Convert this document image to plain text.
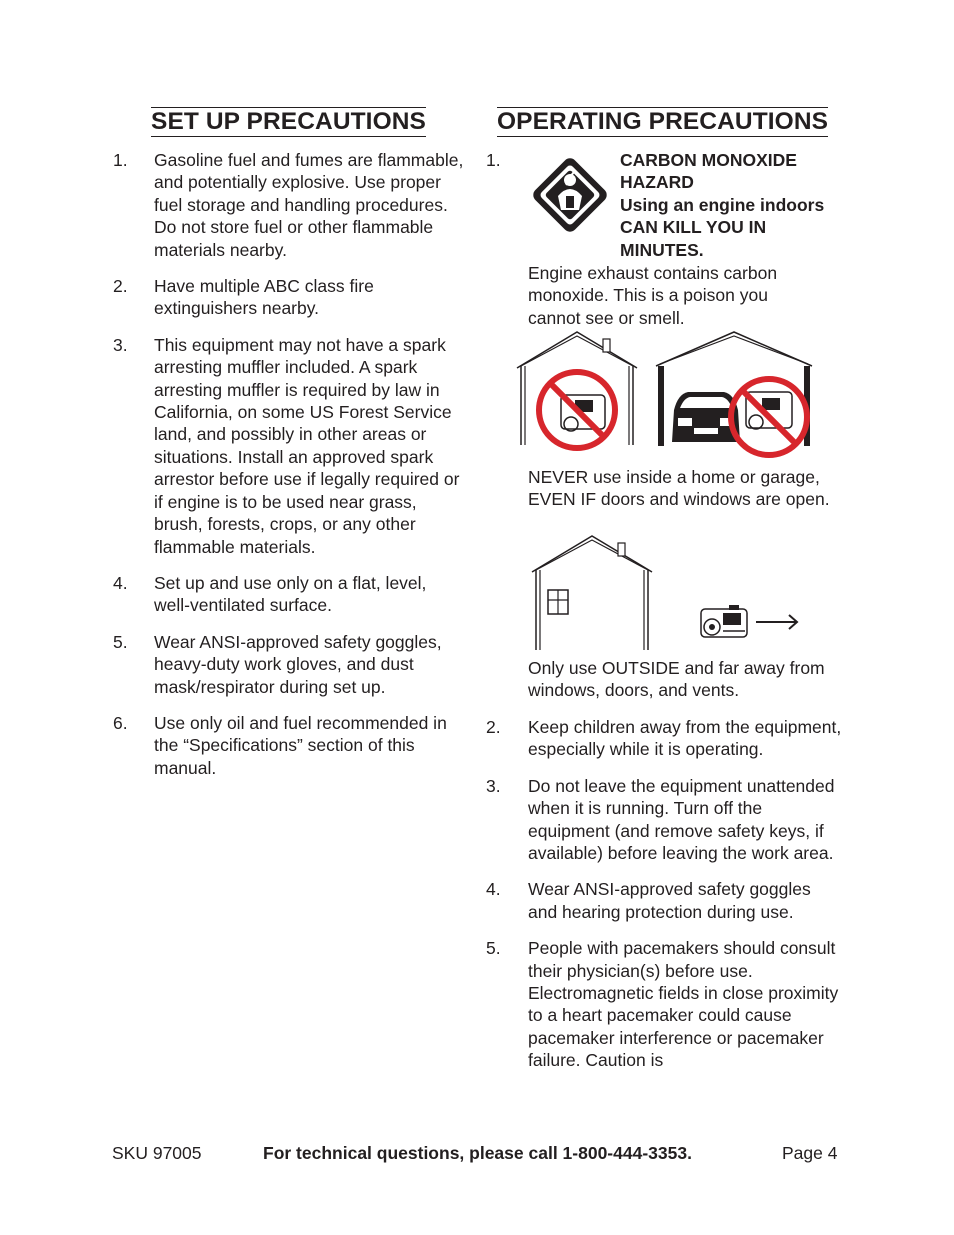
SET UP PRECAUTIONS
1. Gasoline fuel and fumes are flammable, and potentially explosive. Use proper fuel storage and handling procedures. Do not store fuel or other flammable materials nearby.
2. Have multiple ABC class fire extinguishers nearby.
3. This equipment may not have a spark arresting muffler included. A spark arresting muffler is required by law in California, on some US Forest Service land, and possibly in other areas or situations. Install an approved spark arrestor before use if legally required or if engine is to be used near grass, brush, forests, crops, or any other flammable materials.
4. Set up and use only on a flat, level, well-ventilated surface.
5. Wear ANSI-approved safety goggles, heavy-duty work gloves, and dust mask/respirator during set up.
6. Use only oil and fuel recommended in the “Specifications” section of this manual.
OPERATING PRECAUTIONS
1.	CARBON MONOXIDE HAZARD
Using an engine indoors CAN KILL YOU IN MINUTES.
Engine exhaust contains carbon monoxide. This is a poison you cannot see or smell.
NEVER use inside a home or garage, EVEN IF doors and windows are open.
Only use OUTSIDE and far away from windows, doors, and vents.
2. Keep children away from the equipment, especially while it is operating.
3. Do not leave the equipment unattended when it is running. Turn off the equipment (and remove safety keys, if available) before leaving the work area.
4. Wear ANSI-approved safety goggles and hearing protection during use.
5. People with pacemakers should consult their physician(s) before use. Electromagnetic fields in close proximity to a heart pacemaker could cause pacemaker interference or pacemaker failure. Caution is
SKU 97005	For technical questions, please call 1-800-444-3353.	Page 4
